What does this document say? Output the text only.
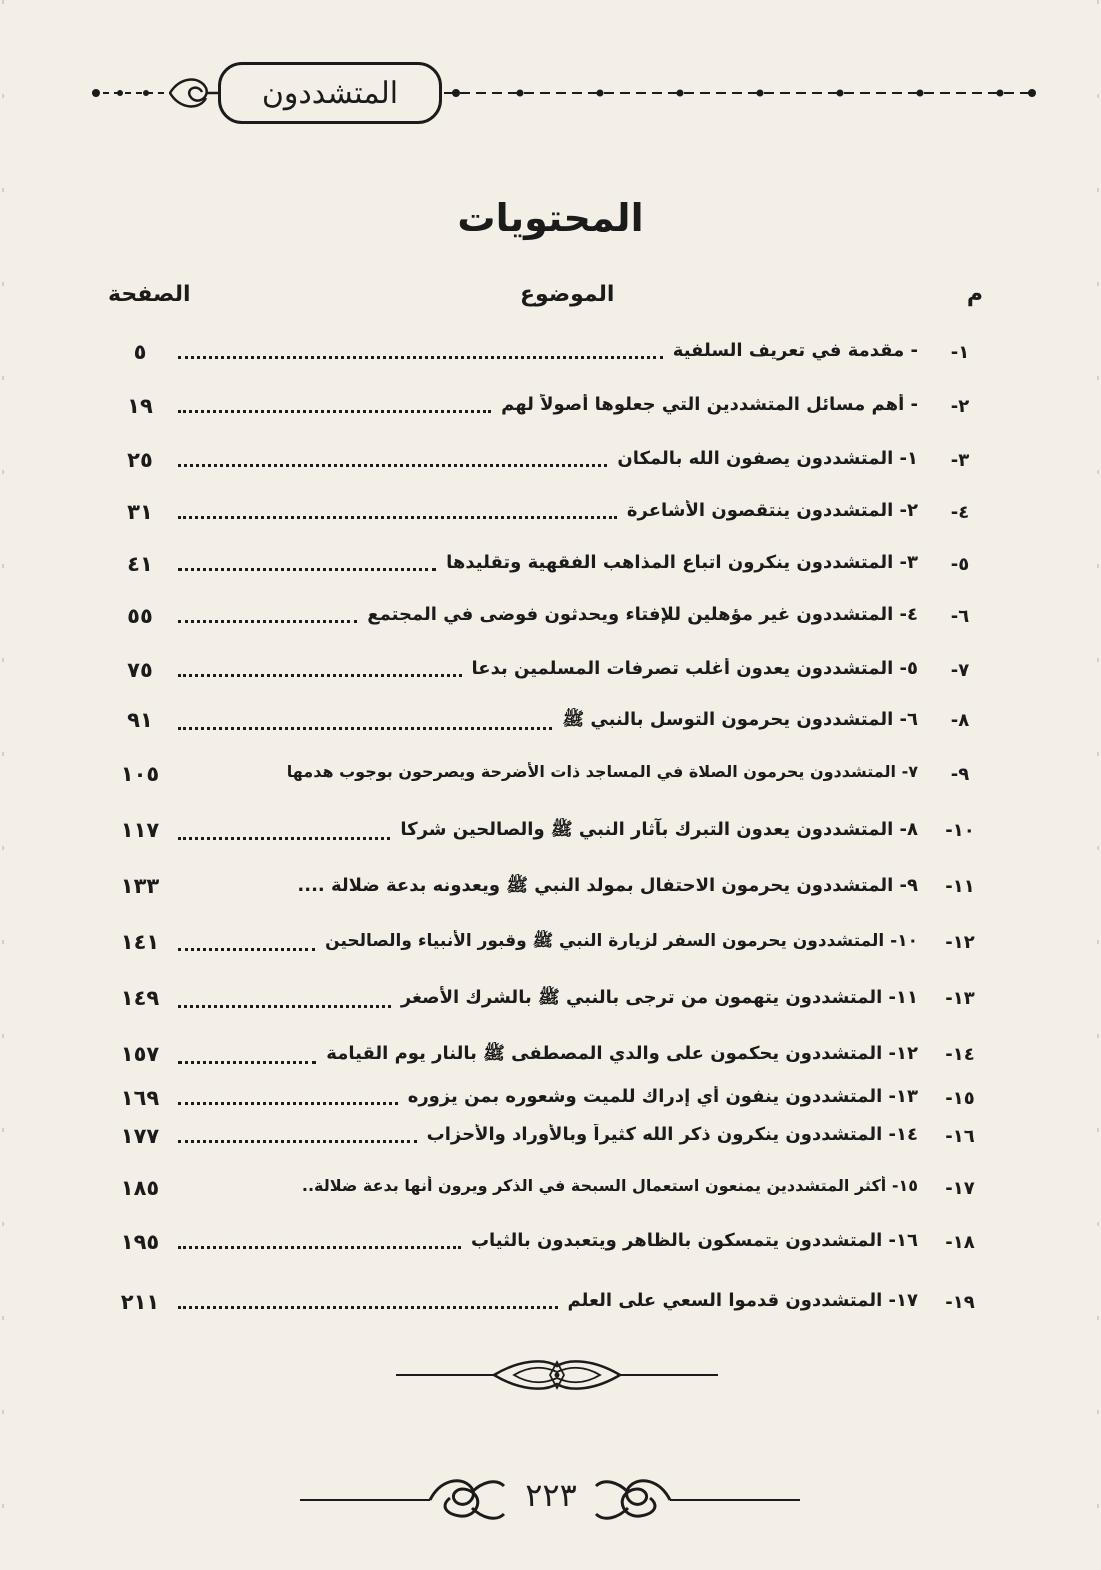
المتشددون
المحتويات
م
الموضوع
الصفحة
١-
- مقدمة في تعريف السلفية
٥
٢-
- أهم مسائل المتشددين التي جعلوها أصولاً لهم
١٩
٣-
١- المتشددون يصفون الله بالمكان
٢٥
٤-
٢- المتشددون ينتقصون الأشاعرة
٣١
٥-
٣- المتشددون ينكرون اتباع المذاهب الفقهية وتقليدها
٤١
٦-
٤- المتشددون غير مؤهلين للإفتاء ويحدثون فوضى في المجتمع
٥٥
٧-
٥- المتشددون يعدون أغلب تصرفات المسلمين بدعا
٧٥
٨-
٦- المتشددون يحرمون التوسل بالنبي ﷺ
٩١
٩-
٧- المتشددون يحرمون الصلاة في المساجد ذات الأضرحة ويصرحون بوجوب هدمها
١٠٥
١٠-
٨- المتشددون يعدون التبرك بآثار النبي ﷺ والصالحين شركا
١١٧
١١-
٩- المتشددون يحرمون الاحتفال بمولد النبي ﷺ ويعدونه بدعة ضلالة ....
١٣٣
١٢-
١٠- المتشددون يحرمون السفر لزيارة النبي ﷺ وقبور الأنبياء والصالحين
١٤١
١٣-
١١- المتشددون يتهمون من ترجى بالنبي ﷺ بالشرك الأصغر
١٤٩
١٤-
١٢- المتشددون يحكمون على والدي المصطفى ﷺ بالنار يوم القيامة
١٥٧
١٥-
١٣- المتشددون ينفون أي إدراك للميت وشعوره بمن يزوره
١٦٩
١٦-
١٤- المتشددون ينكرون ذكر الله كثيراً وبالأوراد والأحزاب
١٧٧
١٧-
١٥- أكثر المتشددين يمنعون استعمال السبحة في الذكر ويرون أنها بدعة ضلالة..
١٨٥
١٨-
١٦- المتشددون يتمسكون بالظاهر ويتعبدون بالثياب
١٩٥
١٩-
١٧- المتشددون قدموا السعي على العلم
٢١١
٢٢٣
